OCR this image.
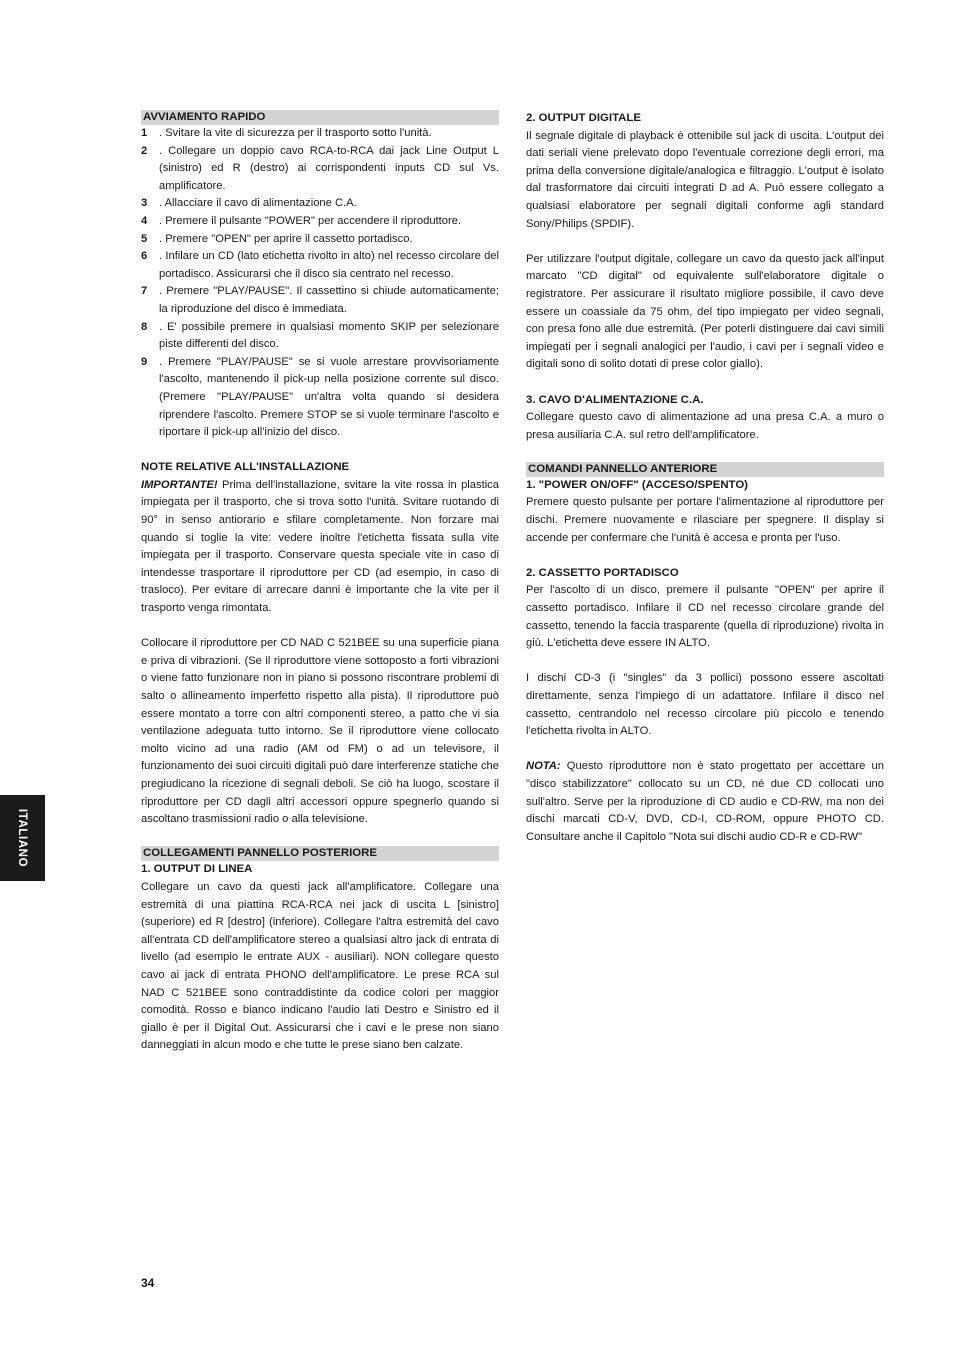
AVVIAMENTO RAPIDO
1 . Svitare la vite di sicurezza per il trasporto sotto l'unità.
2 . Collegare un doppio cavo RCA-to-RCA dai jack Line Output L (sinistro) ed R (destro) ai corrispondenti inputs CD sul Vs. amplificatore.
3 . Allacciare il cavo di alimentazione C.A.
4 . Premere il pulsante "POWER" per accendere il riproduttore.
5 . Premere "OPEN" per aprire il cassetto portadisco.
6 . Infilare un CD (lato etichetta rivolto in alto) nel recesso circolare del portadisco. Assicurarsi che il disco sia centrato nel recesso.
7 . Premere "PLAY/PAUSE". Il cassettino si chiude automaticamente; la riproduzione del disco è immediata.
8 . E' possibile premere in qualsiasi momento SKIP per selezionare piste differenti del disco.
9 . Premere "PLAY/PAUSE" se si vuole arrestare provvisoriamente l'ascolto, mantenendo il pick-up nella posizione corrente sul disco. (Premere "PLAY/PAUSE" un'altra volta quando si desidera riprendere l'ascolto. Premere STOP se si vuole terminare l'ascolto e riportare il pick-up all'inizio del disco.
NOTE RELATIVE ALL'INSTALLAZIONE

IMPORTANTE! Prima dell'installazione, svitare la vite rossa in plastica impiegata per il trasporto, che si trova sotto l'unità. Svitare ruotando di 90° in senso antiorario e sfilare completamente. Non forzare mai quando si toglie la vite: vedere inoltre l'etichetta fissata sulla vite impiegata per il trasporto. Conservare questa speciale vite in caso di intendesse trasportare il riproduttore per CD (ad esempio, in caso di trasloco). Per evitare di arrecare danni è importante che la vite per il trasporto venga rimontata.

Collocare il riproduttore per CD NAD C 521BEE su una superficie piana e priva di vibrazioni. (Se il riproduttore viene sottoposto a forti vibrazioni o viene fatto funzionare non in piano si possono riscontrare problemi di salto o allineamento imperfetto rispetto alla pista). Il riproduttore può essere montato a torre con altri componenti stereo, a patto che vi sia ventilazione adeguata tutto intorno. Se il riproduttore viene collocato molto vicino ad una radio (AM od FM) o ad un televisore, il funzionamento dei suoi circuiti digitali può dare interferenze statiche che pregiudicano la ricezione di segnali deboli. Se ciò ha luogo, scostare il riproduttore per CD dagli altri accessori oppure spegnerlo quando si ascoltano trasmissioni radio o alla televisione.

COLLEGAMENTI PANNELLO POSTERIORE
1. OUTPUT DI LINEA

Collegare un cavo da questi jack all'amplificatore. Collegare una estremità di una piattina RCA-RCA nei jack di uscita L [sinistro] (superiore) ed R [destro] (inferiore). Collegare l'altra estremità del cavo all'entrata CD dell'amplificatore stereo a qualsiasi altro jack di entrata di livello (ad esempio le entrate AUX - ausiliari). NON collegare questo cavo ai jack di entrata PHONO dell'amplificatore. Le prese RCA sul NAD C 521BEE sono contraddistinte da codice colori per maggior comodità. Rosso e bianco indicano l'audio lati Destro e Sinistro ed il giallo è per il Digital Out. Assicurarsi che i cavi e le prese non siano danneggiati in alcun modo e che tutte le prese siano ben calzate.

2. OUTPUT DIGITALE

Il segnale digitale di playback è ottenibile sul jack di uscita. L'output dei dati seriali viene prelevato dopo l'eventuale correzione degli errori, ma prima della conversione digitale/analogica e filtraggio. L'output è isolato dal trasformatore dai circuiti integrati D ad A. Può essere collegato a qualsiasi elaboratore per segnali digitali conforme agli standard Sony/Philips (SPDIF).

Per utilizzare l'output digitale, collegare un cavo da questo jack all'input marcato "CD digital" od equivalente sull'elaboratore digitale o registratore. Per assicurare il risultato migliore possibile, il cavo deve essere un coassiale da 75 ohm, del tipo impiegato per video segnali, con presa fono alle due estremità. (Per poterli distinguere dai cavi simili impiegati per i segnali analogici per l'audio, i cavi per i segnali video e digitali sono di solito dotati di prese color giallo).

3. CAVO D'ALIMENTAZIONE C.A.

Collegare questo cavo di alimentazione ad una presa C.A. a muro o presa ausiliaria C.A. sul retro dell'amplificatore.

COMANDI PANNELLO ANTERIORE
1. "POWER ON/OFF" (ACCESO/SPENTO)

Premere questo pulsante per portare l'alimentazione al riproduttore per dischi. Premere nuovamente e rilasciare per spegnere. Il display si accende per confermare che l'unità è accesa e pronta per l'uso.

2. CASSETTO PORTADISCO

Per l'ascolto di un disco, premere il pulsante "OPEN" per aprire il cassetto portadisco. Infilare il CD nel recesso circolare grande del cassetto, tenendo la faccia trasparente (quella di riproduzione) rivolta in giù. L'etichetta deve essere IN ALTO.

I dischi CD-3 (i "singles" da 3 pollici) possono essere ascoltati direttamente, senza l'impiego di un adattatore. Infilare il disco nel cassetto, centrandolo nel recesso circolare più piccolo e tenendo l'etichetta rivolta in ALTO.

NOTA: Questo riproduttore non è stato progettato per accettare un "disco stabilizzatore" collocato su un CD, né due CD collocati uno sull'altro. Serve per la riproduzione di CD audio e CD-RW, ma non dei dischi marcati CD-V, DVD, CD-I, CD-ROM, oppure PHOTO CD. Consultare anche il Capitolo "Nota sui dischi audio CD-R e CD-RW"

ITALIANO
34
